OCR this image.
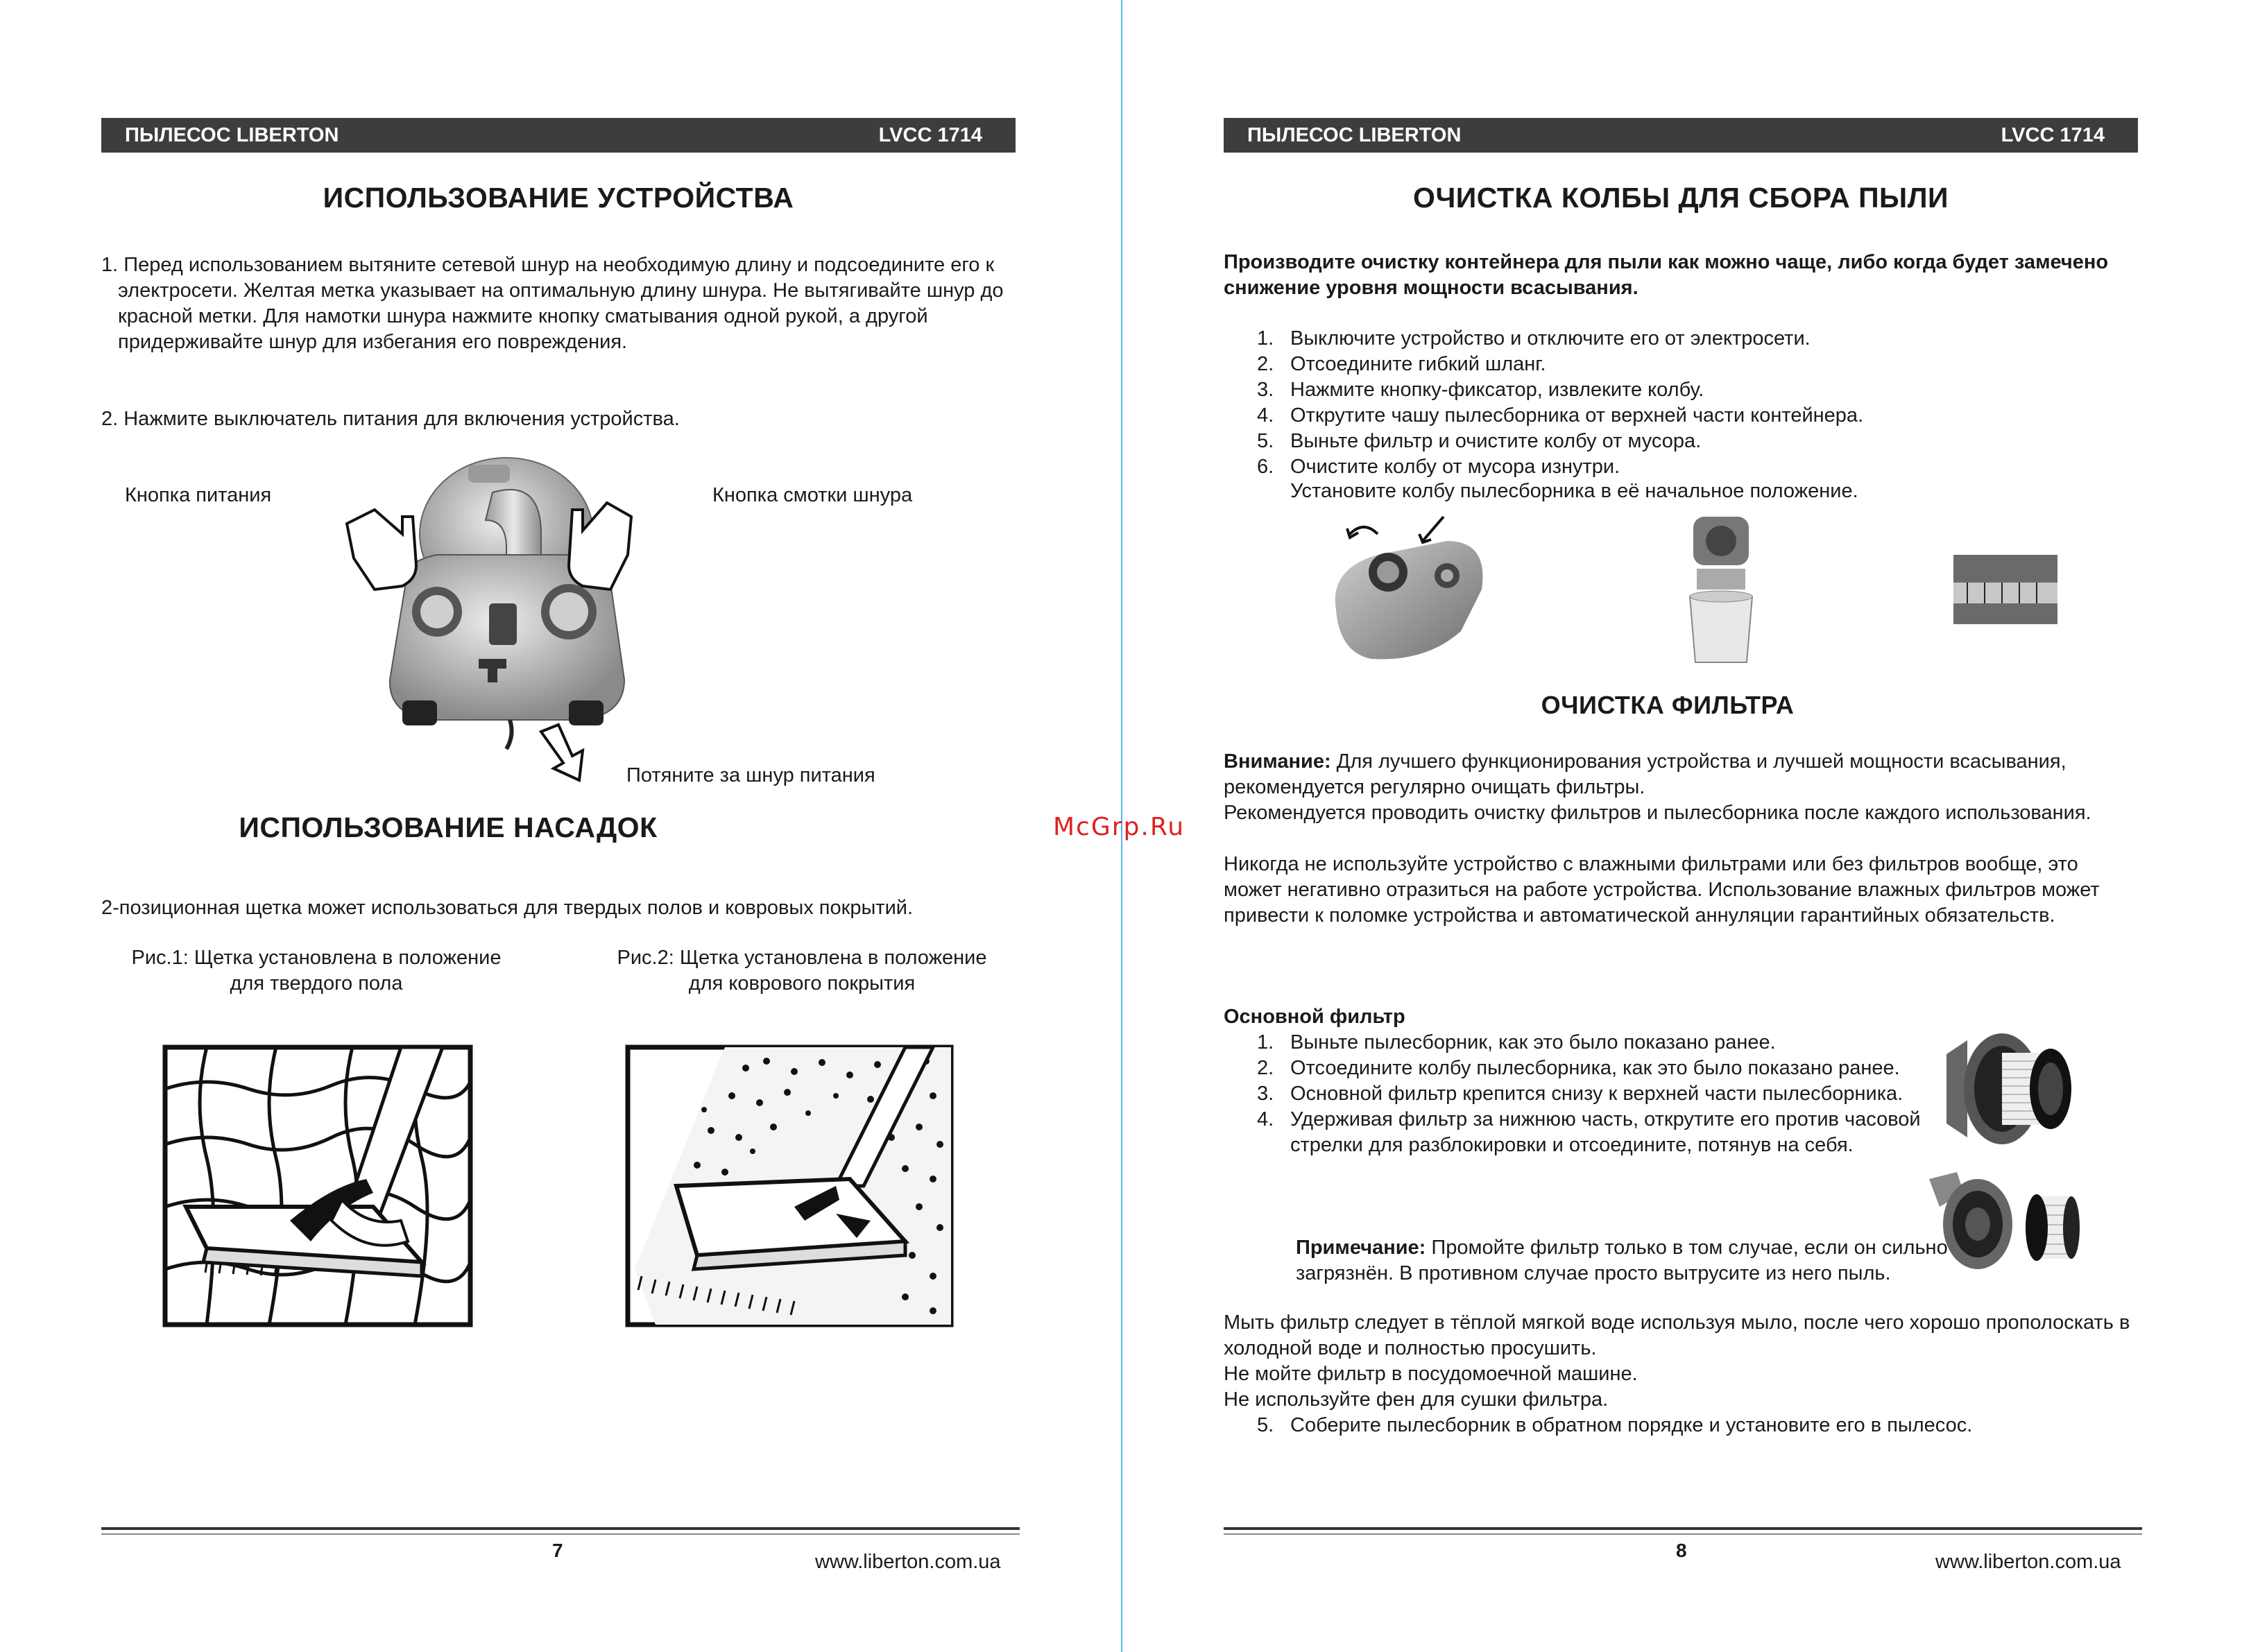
ПЫЛЕСОС LIBERTON	LVCC 1714
ИСПОЛЬЗОВАНИЕ УСТРОЙСТВА
1. Перед использованием вытяните сетевой шнур на необходимую длину и подсоедините его к электросети. Желтая метка указывает на оптимальную длину шнура. Не вытягивайте шнур до красной метки. Для намотки шнура нажмите кнопку сматывания одной рукой, а другой придерживайте шнур для избегания его повреждения.
2. Нажмите выключатель питания для включения устройства.
Кнопка питания	Кнопка смотки шнура
Потяните за шнур питания
ИСПОЛЬЗОВАНИЕ НАСАДОК
2-позиционная щетка может использоваться для твердых полов и ковровых покрытий.
Рис.1: Щетка установлена в положение
для твердого пола
Рис.2: Щетка установлена в положение
для коврового покрытия
7
www.liberton.com.ua
McGrp.Ru
ПЫЛЕСОС LIBERTON	LVCC 1714
ОЧИСТКА КОЛБЫ ДЛЯ СБОРА ПЫЛИ
Производите очистку контейнера для пыли как можно чаще, либо когда будет замечено снижение уровня мощности всасывания.
1. Выключите устройство и отключите его от электросети.
2. Отсоедините гибкий шланг.
3. Нажмите кнопку-фиксатор, извлеките колбу.
4. Открутите чашу пылесборника от верхней части контейнера.
5. Выньте фильтр и очистите колбу от мусора.
6. Очистите колбу от мусора изнутри.
Установите колбу пылесборника в её начальное положение.
ОЧИСТКА ФИЛЬТРА
Внимание: Для лучшего функционирования устройства и лучшей мощности всасывания, рекомендуется регулярно очищать фильтры.
Рекомендуется проводить очистку фильтров и пылесборника после каждого использования.
Никогда не используйте устройство с влажными фильтрами или без фильтров вообще, это может негативно отразиться на работе устройства. Использование влажных фильтров может привести к поломке устройства и автоматической аннуляции гарантийных обязательств.
Основной фильтр
1. Выньте пылесборник, как это было показано ранее.
2. Отсоедините колбу пылесборника, как это было показано ранее.
3. Основной фильтр крепится снизу к верхней части пылесборника.
4. Удерживая фильтр за нижнюю часть, открутите его против часовой стрелки для разблокировки и отсоедините, потянув на себя.
Примечание: Промойте фильтр только в том случае, если он сильно загрязнён. В противном случае просто вытрусите из него пыль.
Мыть фильтр следует в тёплой мягкой воде используя мыло, после чего хорошо прополоскать в холодной воде и полностью просушить.
Не мойте фильтр в посудомоечной машине.
Не используйте фен для сушки фильтра.
5. Соберите пылесборник в обратном порядке и установите его в пылесос.
8
www.liberton.com.ua
